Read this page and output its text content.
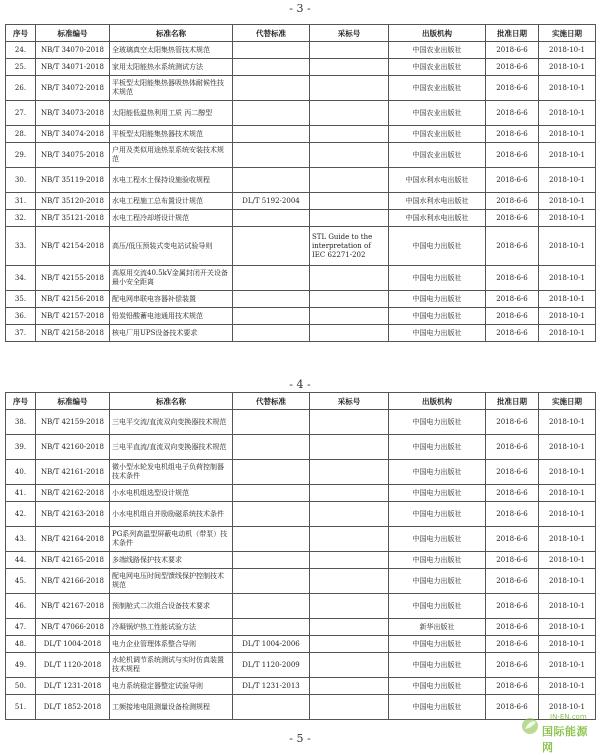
- 3 -
序号	标准编号	标准名称	代替标准	采标号	出版机构	批准日期	实施日期
24.	NB/T 34070-2018	全玻璃真空太阳集热管技术规范			中国农业出版社	2018-6-6	2018-10-1
25.	NB/T 34071-2018	家用太阳能热水系统测试方法			中国农业出版社	2018-6-6	2018-10-1
26.	NB/T 34072-2018	平板型太阳能集热器吸热体耐候性技术规范			中国农业出版社	2018-6-6	2018-10-1
27.	NB/T 34073-2018	太阳能低温热利用工质 丙二醇型			中国农业出版社	2018-6-6	2018-10-1
28.	NB/T 34074-2018	平板型太阳能集热器技术规范			中国农业出版社	2018-6-6	2018-10-1
29.	NB/T 34075-2018	户用及类似用途热泵系统安装技术规范			中国农业出版社	2018-6-6	2018-10-1
30.	NB/T 35119-2018	水电工程水土保持设施验收规程			中国水利水电出版社	2018-6-6	2018-10-1
31.	NB/T 35120-2018	水电工程施工总布置设计规范	DL/T 5192-2004		中国水利水电出版社	2018-6-6	2018-10-1
32.	NB/T 35121-2018	水电工程冷却塔设计规范			中国水利水电出版社	2018-6-6	2018-10-1
33.	NB/T 42154-2018	高压/低压预装式变电站试验导则		STL Guide to the interpretation of IEC 62271-202	中国电力出版社	2018-6-6	2018-10-1
34.	NB/T 42155-2018	高原用交流40.5kV金属封闭开关设备最小安全距离			中国电力出版社	2018-6-6	2018-10-1
35.	NB/T 42156-2018	配电网串联电容器补偿装置			中国电力出版社	2018-6-6	2018-10-1
36.	NB/T 42157-2018	铅炭铅酸蓄电池通用技术规范			中国电力出版社	2018-6-6	2018-10-1
37.	NB/T 42158-2018	核电厂用UPS设备技术要求			中国电力出版社	2018-6-6	2018-10-1
- 4 -
序号	标准编号	标准名称	代替标准	采标号	出版机构	批准日期	实施日期
38.	NB/T 42159-2018	三电平交流/直流双向变换器技术规范			中国电力出版社	2018-6-6	2018-10-1
39.	NB/T 42160-2018	三电平直流/直流双向变换器技术规范			中国电力出版社	2018-6-6	2018-10-1
40.	NB/T 42161-2018	微小型水轮发电机组电子负荷控制器技术条件			中国电力出版社	2018-6-6	2018-10-1
41.	NB/T 42162-2018	小水电机组选型设计规范			中国电力出版社	2018-6-6	2018-10-1
42.	NB/T 42163-2018	小水电机组自并励励磁系统技术条件			中国电力出版社	2018-6-6	2018-10-1
43.	NB/T 42164-2018	PG系列高温型屏蔽电动机（带泵）技术条件			中国电力出版社	2018-6-6	2018-10-1
44.	NB/T 42165-2018	多端线路保护技术要求			中国电力出版社	2018-6-6	2018-10-1
45.	NB/T 42166-2018	配电网电压时间型馈线保护控制技术规范			中国电力出版社	2018-6-6	2018-10-1
46.	NB/T 42167-2018	预制舱式二次组合设备技术要求			中国电力出版社	2018-6-6	2018-10-1
47.	NB/T 47066-2018	冷凝锅炉热工性能试验方法			新华出版社	2018-6-6	2018-10-1
48.	DL/T 1004-2018	电力企业管理体系整合导则	DL/T 1004-2006		中国电力出版社	2018-6-6	2018-10-1
49.	DL/T 1120-2018	水轮机调节系统测试与实时仿真装置技术规程	DL/T 1120-2009		中国电力出版社	2018-6-6	2018-10-1
50.	DL/T 1231-2018	电力系统稳定器整定试验导则	DL/T 1231-2013		中国电力出版社	2018-6-6	2018-10-1
51.	DL/T 1852-2018	工频接地电阻测量设备检测规程			中国电力出版社	2018-6-6	2018-10-1
- 5 -
IN-EN.com
国际能源网
